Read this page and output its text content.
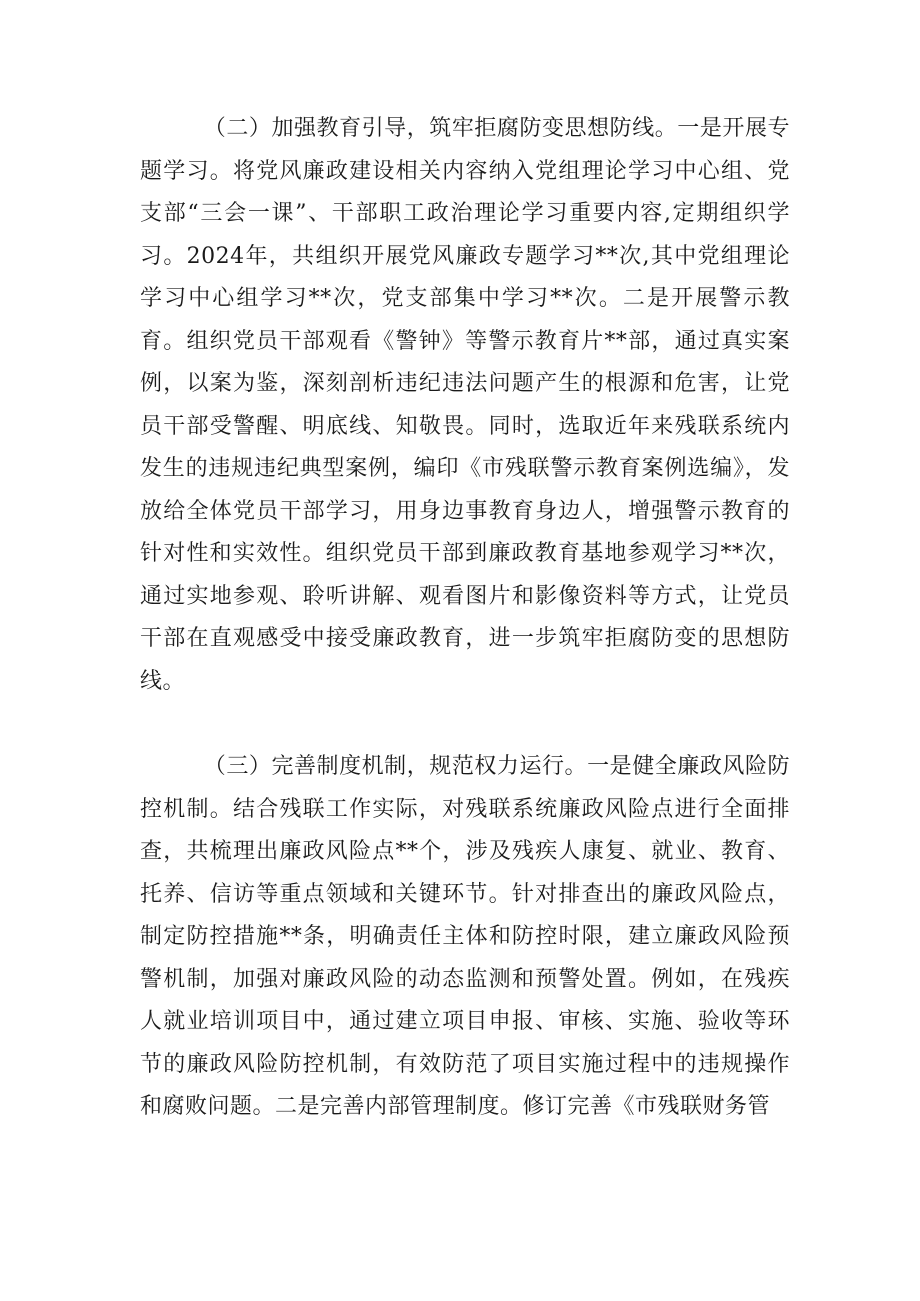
（二）加强教育引导，筑牢拒腐防变思想防线。一是开展专题学习。将党风廉政建设相关内容纳入党组理论学习中心组、党支部“三会一课”、干部职工政治理论学习重要内容,定期组织学习。2024年，共组织开展党风廉政专题学习**次,其中党组理论学习中心组学习**次，党支部集中学习**次。二是开展警示教育。组织党员干部观看《警钟》等警示教育片**部，通过真实案例，以案为鉴，深刻剖析违纪违法问题产生的根源和危害，让党员干部受警醒、明底线、知敬畏。同时，选取近年来残联系统内发生的违规违纪典型案例，编印《市残联警示教育案例选编》，发放给全体党员干部学习，用身边事教育身边人，增强警示教育的针对性和实效性。组织党员干部到廉政教育基地参观学习**次，通过实地参观、聆听讲解、观看图片和影像资料等方式，让党员干部在直观感受中接受廉政教育，进一步筑牢拒腐防变的思想防线。

（三）完善制度机制，规范权力运行。一是健全廉政风险防控机制。结合残联工作实际，对残联系统廉政风险点进行全面排查，共梳理出廉政风险点**个，涉及残疾人康复、就业、教育、托养、信访等重点领域和关键环节。针对排查出的廉政风险点，制定防控措施**条，明确责任主体和防控时限，建立廉政风险预警机制，加强对廉政风险的动态监测和预警处置。例如，在残疾人就业培训项目中，通过建立项目申报、审核、实施、验收等环节的廉政风险防控机制，有效防范了项目实施过程中的违规操作和腐败问题。二是完善内部管理制度。修订完善《市残联财务管
